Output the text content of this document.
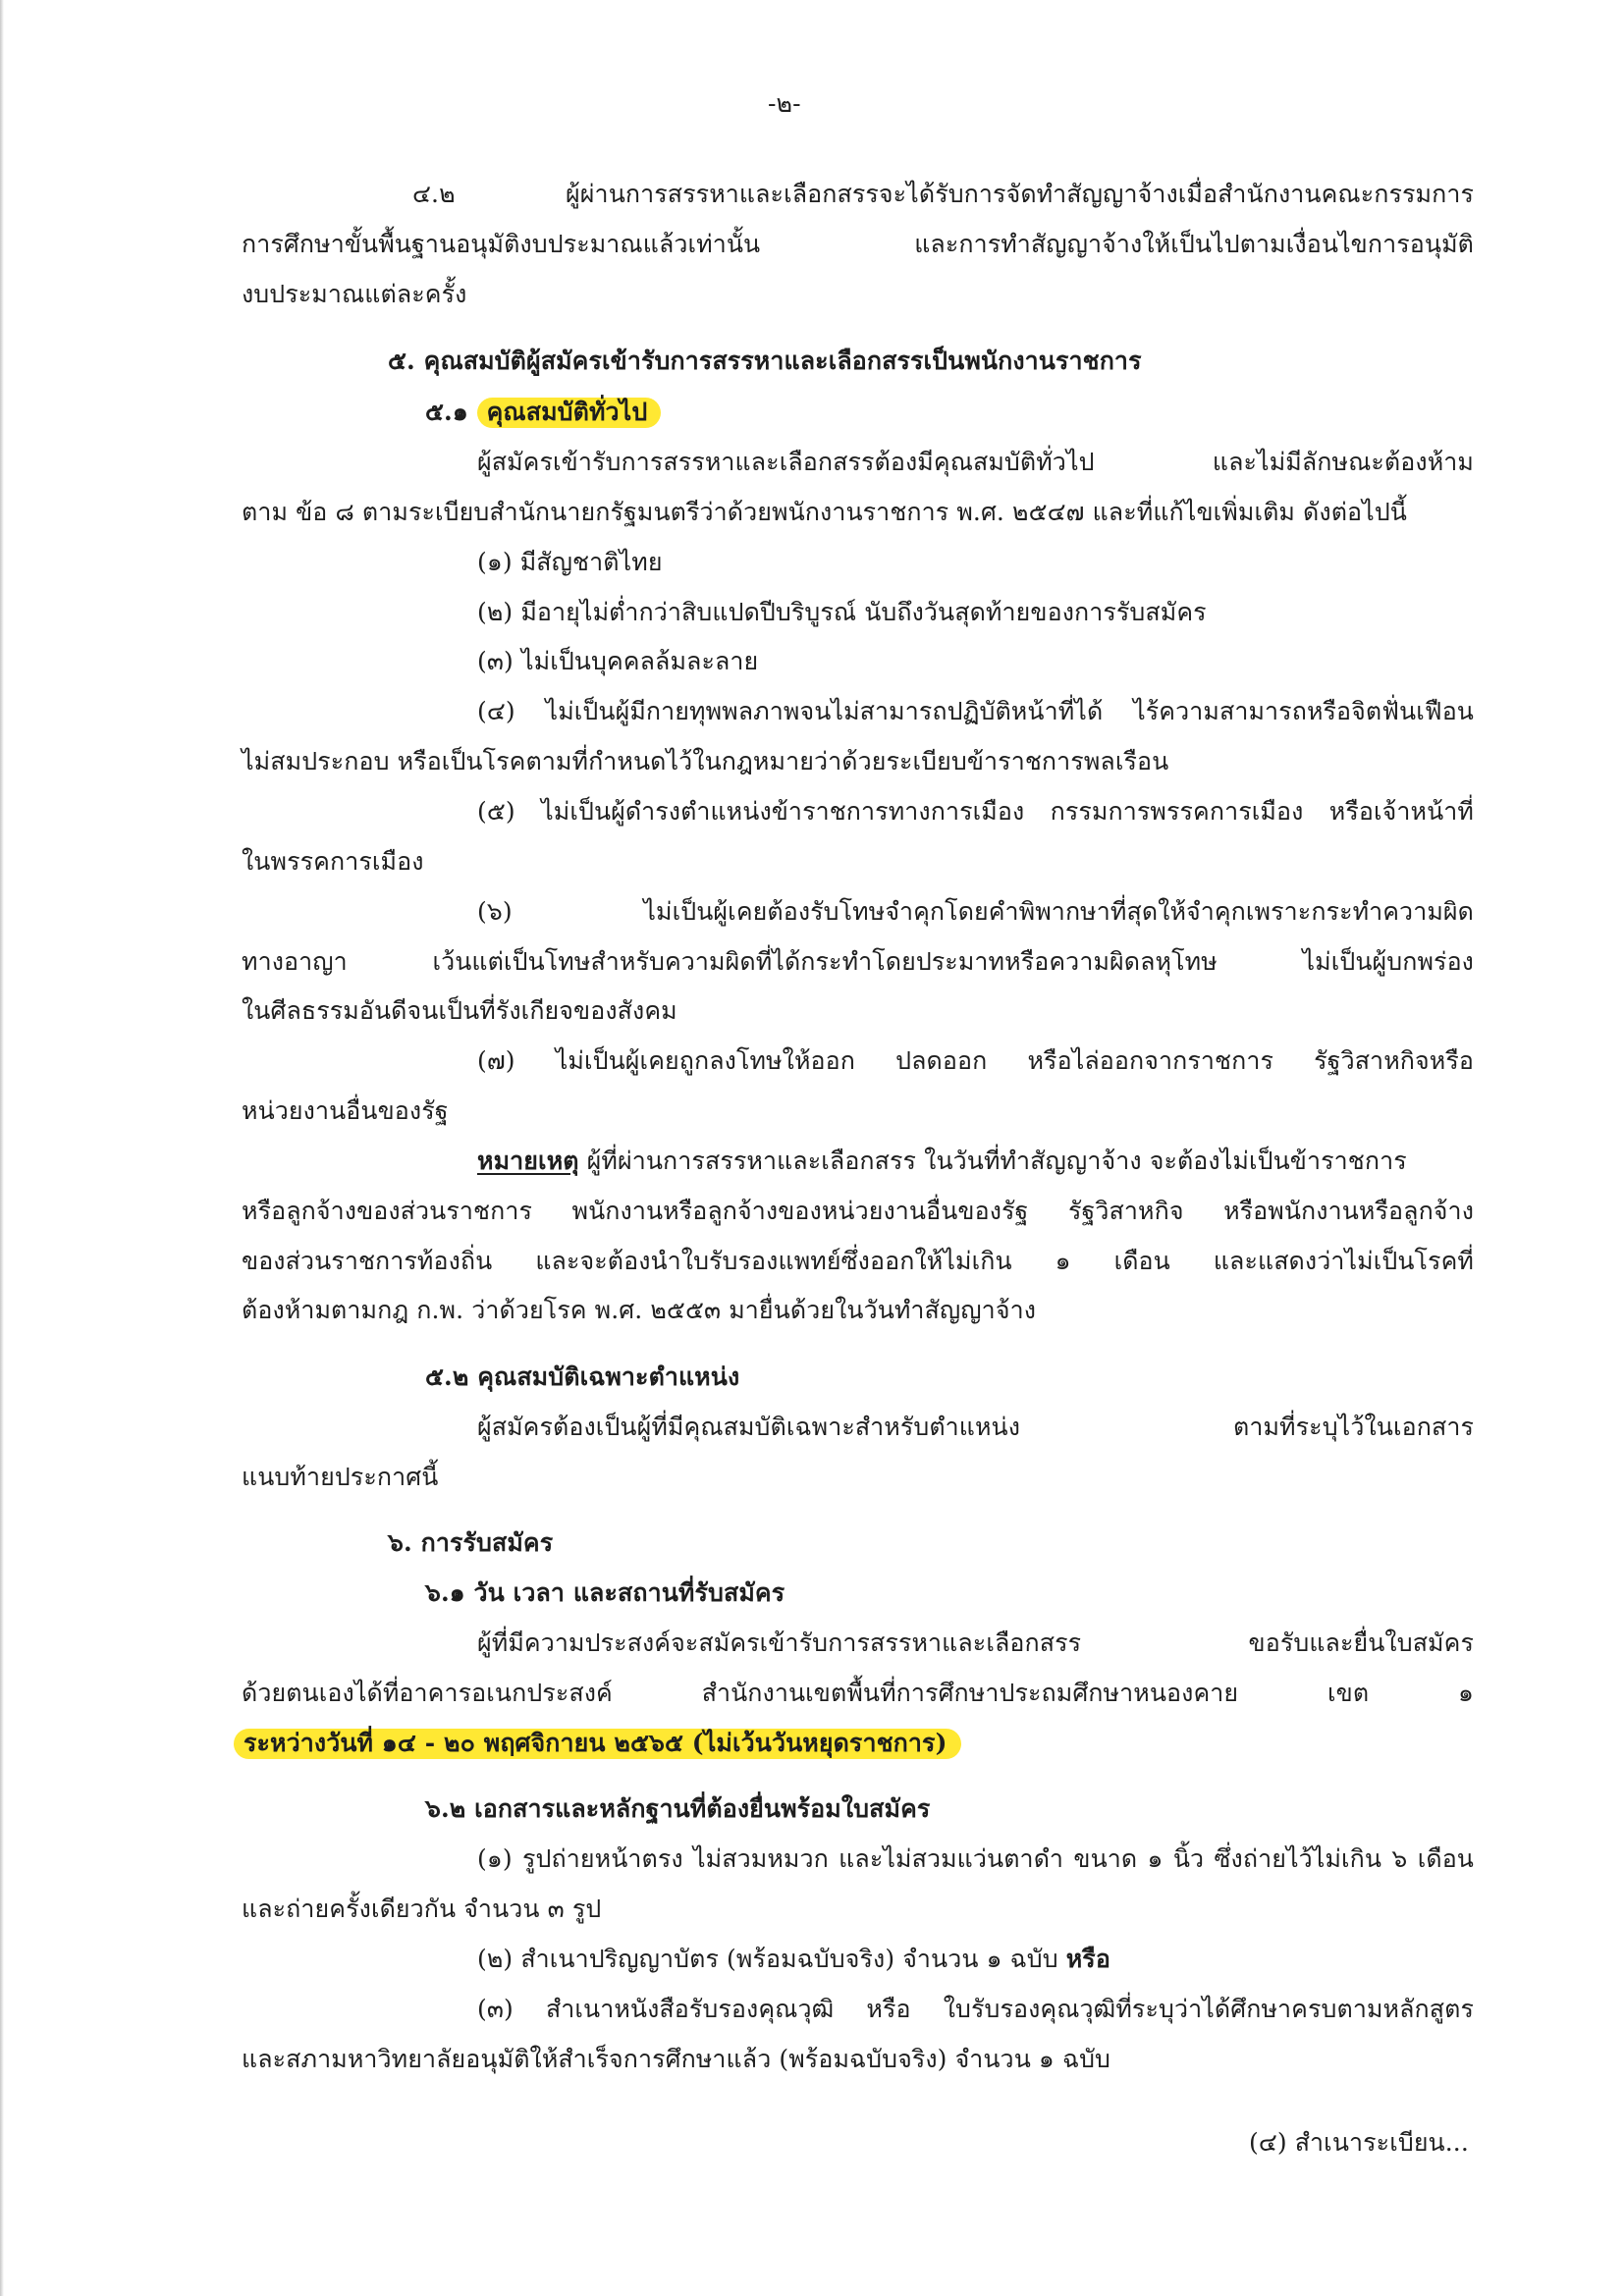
-๒-
๔.๒ ผู้ผ่านการสรรหาและเลือกสรรจะได้รับการจัดทำสัญญาจ้างเมื่อสำนักงานคณะกรรมการ
การศึกษาขั้นพื้นฐานอนุมัติงบประมาณแล้วเท่านั้น และการทำสัญญาจ้างให้เป็นไปตามเงื่อนไขการอนุมัติ
งบประมาณแต่ละครั้ง
๕. คุณสมบัติผู้สมัครเข้ารับการสรรหาและเลือกสรรเป็นพนักงานราชการ
๕.๑ คุณสมบัติทั่วไป
ผู้สมัครเข้ารับการสรรหาและเลือกสรรต้องมีคุณสมบัติทั่วไป และไม่มีลักษณะต้องห้าม
ตาม ข้อ ๘ ตามระเบียบสำนักนายกรัฐมนตรีว่าด้วยพนักงานราชการ พ.ศ. ๒๕๔๗ และที่แก้ไขเพิ่มเติม ดังต่อไปนี้
(๑) มีสัญชาติไทย
(๒) มีอายุไม่ต่ำกว่าสิบแปดปีบริบูรณ์ นับถึงวันสุดท้ายของการรับสมัคร
(๓) ไม่เป็นบุคคลล้มละลาย
(๔) ไม่เป็นผู้มีกายทุพพลภาพจนไม่สามารถปฏิบัติหน้าที่ได้ ไร้ความสามารถหรือจิตฟั่นเฟือน
ไม่สมประกอบ หรือเป็นโรคตามที่กำหนดไว้ในกฎหมายว่าด้วยระเบียบข้าราชการพลเรือน
(๕) ไม่เป็นผู้ดำรงตำแหน่งข้าราชการทางการเมือง กรรมการพรรคการเมือง หรือเจ้าหน้าที่
ในพรรคการเมือง
(๖) ไม่เป็นผู้เคยต้องรับโทษจำคุกโดยคำพิพากษาที่สุดให้จำคุกเพราะกระทำความผิด
ทางอาญา เว้นแต่เป็นโทษสำหรับความผิดที่ได้กระทำโดยประมาทหรือความผิดลหุโทษ ไม่เป็นผู้บกพร่อง
ในศีลธรรมอันดีจนเป็นที่รังเกียจของสังคม
(๗) ไม่เป็นผู้เคยถูกลงโทษให้ออก ปลดออก หรือไล่ออกจากราชการ รัฐวิสาหกิจหรือ
หน่วยงานอื่นของรัฐ
หมายเหตุ ผู้ที่ผ่านการสรรหาและเลือกสรร ในวันที่ทำสัญญาจ้าง จะต้องไม่เป็นข้าราชการ
หรือลูกจ้างของส่วนราชการ พนักงานหรือลูกจ้างของหน่วยงานอื่นของรัฐ รัฐวิสาหกิจ หรือพนักงานหรือลูกจ้าง
ของส่วนราชการท้องถิ่น และจะต้องนำใบรับรองแพทย์ซึ่งออกให้ไม่เกิน ๑ เดือน และแสดงว่าไม่เป็นโรคที่
ต้องห้ามตามกฎ ก.พ. ว่าด้วยโรค พ.ศ. ๒๕๕๓ มายื่นด้วยในวันทำสัญญาจ้าง
๕.๒ คุณสมบัติเฉพาะตำแหน่ง
ผู้สมัครต้องเป็นผู้ที่มีคุณสมบัติเฉพาะสำหรับตำแหน่ง ตามที่ระบุไว้ในเอกสาร
แนบท้ายประกาศนี้
๖. การรับสมัคร
๖.๑ วัน เวลา และสถานที่รับสมัคร
ผู้ที่มีความประสงค์จะสมัครเข้ารับการสรรหาและเลือกสรร ขอรับและยื่นใบสมัคร
ด้วยตนเองได้ที่อาคารอเนกประสงค์ สำนักงานเขตพื้นที่การศึกษาประถมศึกษาหนองคาย เขต ๑
ระหว่างวันที่ ๑๔ - ๒๐ พฤศจิกายน ๒๕๖๕ (ไม่เว้นวันหยุดราชการ)
๖.๒ เอกสารและหลักฐานที่ต้องยื่นพร้อมใบสมัคร
(๑) รูปถ่ายหน้าตรง ไม่สวมหมวก และไม่สวมแว่นตาดำ ขนาด ๑ นิ้ว ซึ่งถ่ายไว้ไม่เกิน ๖ เดือน
และถ่ายครั้งเดียวกัน จำนวน ๓ รูป
(๒) สำเนาปริญญาบัตร (พร้อมฉบับจริง) จำนวน ๑ ฉบับ หรือ
(๓) สำเนาหนังสือรับรองคุณวุฒิ หรือ ใบรับรองคุณวุฒิที่ระบุว่าได้ศึกษาครบตามหลักสูตร
และสภามหาวิทยาลัยอนุมัติให้สำเร็จการศึกษาแล้ว (พร้อมฉบับจริง) จำนวน ๑ ฉบับ
(๔) สำเนาระเบียน...
